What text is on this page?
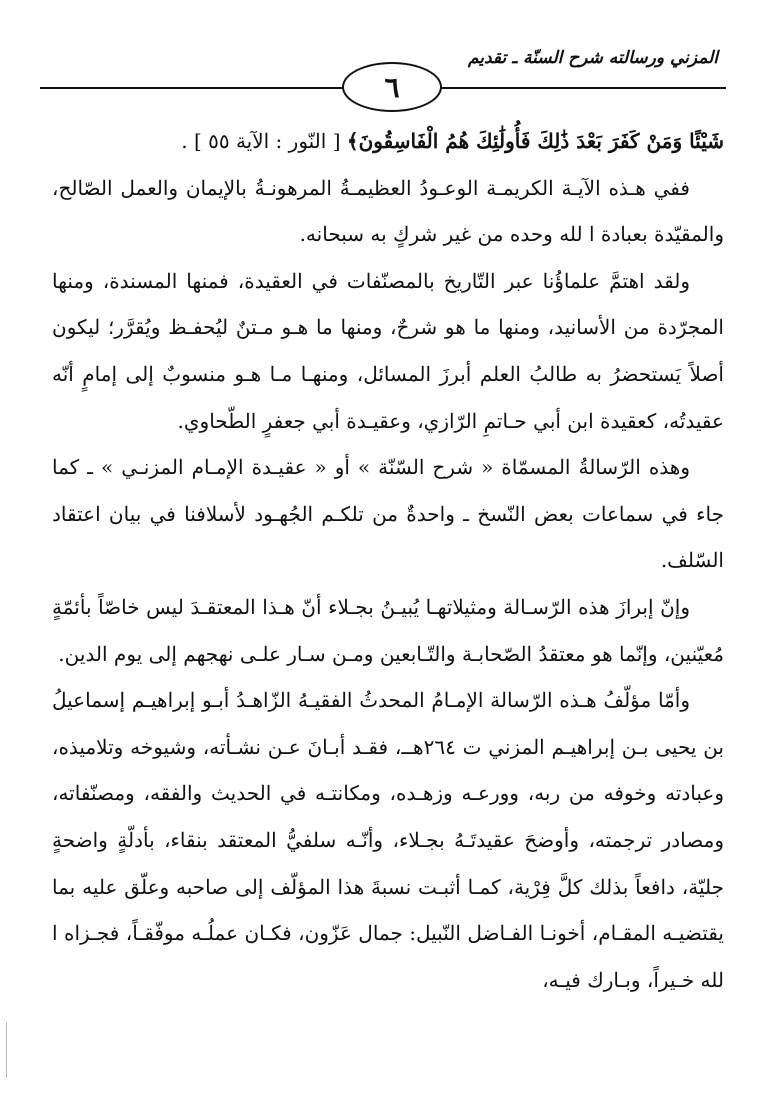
المزني ورسالته شرح السنّة ـ تقديم
٦

شَيْئًا وَمَنْ كَفَرَ بَعْدَ ذَٰلِكَ فَأُولَٰئِكَ هُمُ الْفَاسِقُونَ﴾ [ النّور : الآية ٥٥ ] .

ففي هـذه الآيـة الكريمـة الوعـودُ العظيمـةُ المرهونـةُ بالإيمان والعمل الصّالح، والمقيّدة بعبادة ا لله وحده من غير شركٍ به سبحانه.

ولقد اهتمَّ علماؤُنا عبر التّاريخ بالمصنّفات في العقيدة، فمنها المسندة، ومنها المجرّدة من الأسانيد، ومنها ما هو شرحٌ، ومنها ما هـو مـتنٌ ليُحفـظ ويُقرَّر؛ ليكون أصلاً يَستحضرُ به طالبُ العلم أبرزَ المسائل، ومنهـا مـا هـو منسوبٌ إلى إمامٍ أنّه عقيدتُه، كعقيدة ابن أبي حـاتمِ الرّازي، وعقيـدة أبي جعفرٍ الطّحاوي.

وهذه الرّسالةُ المسمّاة « شرح السّنّة » أو « عقيـدة الإمـام المزنـي » ـ كما جاء في سماعات بعض النّسخ ـ واحدةٌ من تلكـم الجُهـود لأسلافنا في بيان اعتقاد السّلف.

وإنّ إبرازَ هذه الرّسـالة ومثيلاتهـا يُبيـنُ بجـلاء أنّ هـذا المعتقـدَ ليس خاصّاً بأئمّةٍ مُعيّنين، وإنّما هو معتقدُ الصّحابـة والتّـابعين ومـن سـار علـى نهجهم إلى يوم الدين.

وأمّا مؤلّفُ هـذه الرّسالة الإمـامُ المحدثُ الفقيـهُ الزّاهـدُ أبـو إبراهيـم إسماعيلُ بن يحيى بـن إبراهيـم المزني ت ٢٦٤هــ، فقـد أبـانَ عـن نشـأته، وشيوخه وتلاميذه، وعبادته وخوفه من ربه، وورعـه وزهـده، ومكانتـه في الحديث والفقه، ومصنّفاته، ومصادر ترجمته، وأوضحَ عقيدتَـهُ بجـلاء، وأنّـه سلفيُّ المعتقد بنقاء، بأدلّةٍ واضحةٍ جليّة، دافعاً بذلك كلَّ فِرْية، كمـا أثبـت نسبةَ هذا المؤلّف إلى صاحبه وعلّق عليه بما يقتضيـه المقـام، أخونـا الفـاضل النّبيل: جمال عَزّون، فكـان عملُـه موفّقـاً، فجـزاه ا لله خـيراً، وبـارك فيـه،
